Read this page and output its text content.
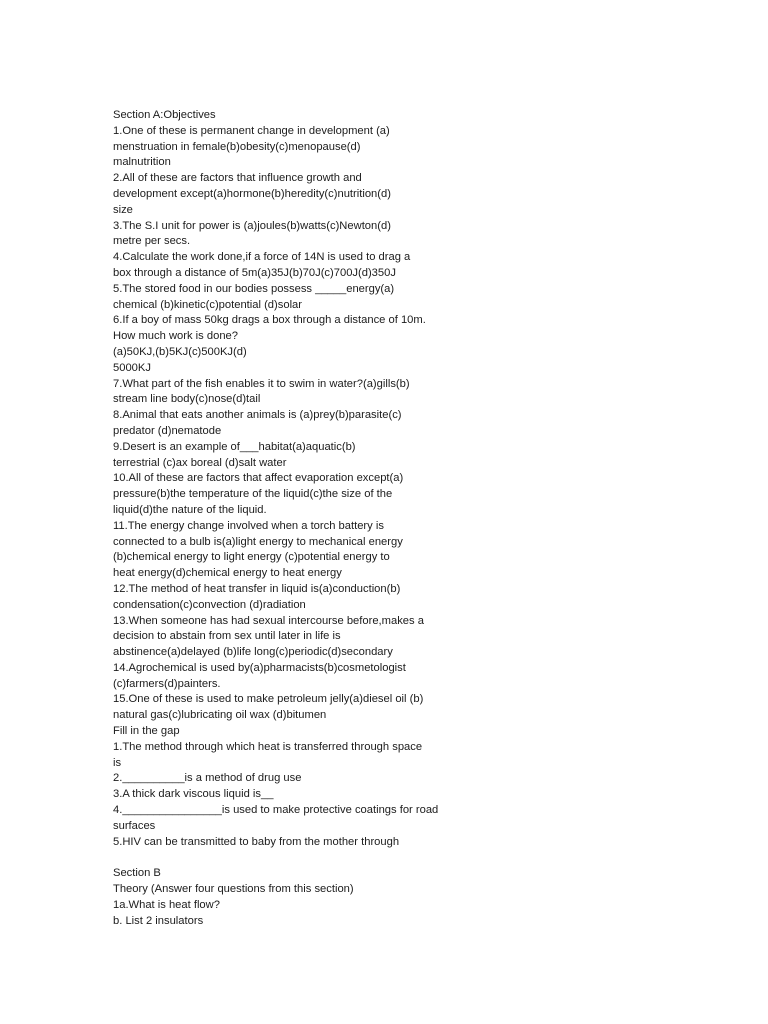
Section A:Objectives
1.One of these is permanent change in development (a)
menstruation in female(b)obesity(c)menopause(d)
malnutrition
2.All of these are factors that influence growth and
development except(a)hormone(b)heredity(c)nutrition(d)
size
3.The S.I unit for power is (a)joules(b)watts(c)Newton(d)
metre per secs.
4.Calculate the work done,if a force of 14N is used to drag a
box through a distance of 5m(a)35J(b)70J(c)700J(d)350J
5.The stored food in our bodies possess _____energy(a)
chemical (b)kinetic(c)potential (d)solar
6.If a boy of mass 50kg drags a box through a distance of 10m.
How much work is done?
(a)50KJ,(b)5KJ(c)500KJ(d)
5000KJ
7.What part of the fish enables it to swim in water?(a)gills(b)
stream line body(c)nose(d)tail
8.Animal that eats another animals is (a)prey(b)parasite(c)
predator (d)nematode
9.Desert is an example of___habitat(a)aquatic(b)
terrestrial (c)ax boreal (d)salt water
10.All of these are factors that affect evaporation except(a)
pressure(b)the temperature of the liquid(c)the size of the
liquid(d)the nature of the liquid.
11.The energy change involved when a torch battery is
connected to a bulb is(a)light energy to mechanical energy
(b)chemical energy to light energy (c)potential energy to
heat energy(d)chemical energy to heat energy
12.The method of heat transfer in liquid is(a)conduction(b)
condensation(c)convection (d)radiation
13.When someone has had sexual intercourse before,makes a
decision to abstain from sex until later in life is
abstinence(a)delayed (b)life long(c)periodic(d)secondary
14.Agrochemical is used by(a)pharmacists(b)cosmetologist
(c)farmers(d)painters.
15.One of these is used to make petroleum jelly(a)diesel oil (b)
natural gas(c)lubricating oil wax (d)bitumen
Fill in the gap
1.The method through which heat is transferred through space
is
2.__________is a method of drug use
3.A thick dark viscous liquid is__
4.________________is used to make protective coatings for road
surfaces
5.HIV can be transmitted to baby from the mother through
Section B
Theory (Answer four questions from this section)
1a.What is heat flow?
b. List 2 insulators
